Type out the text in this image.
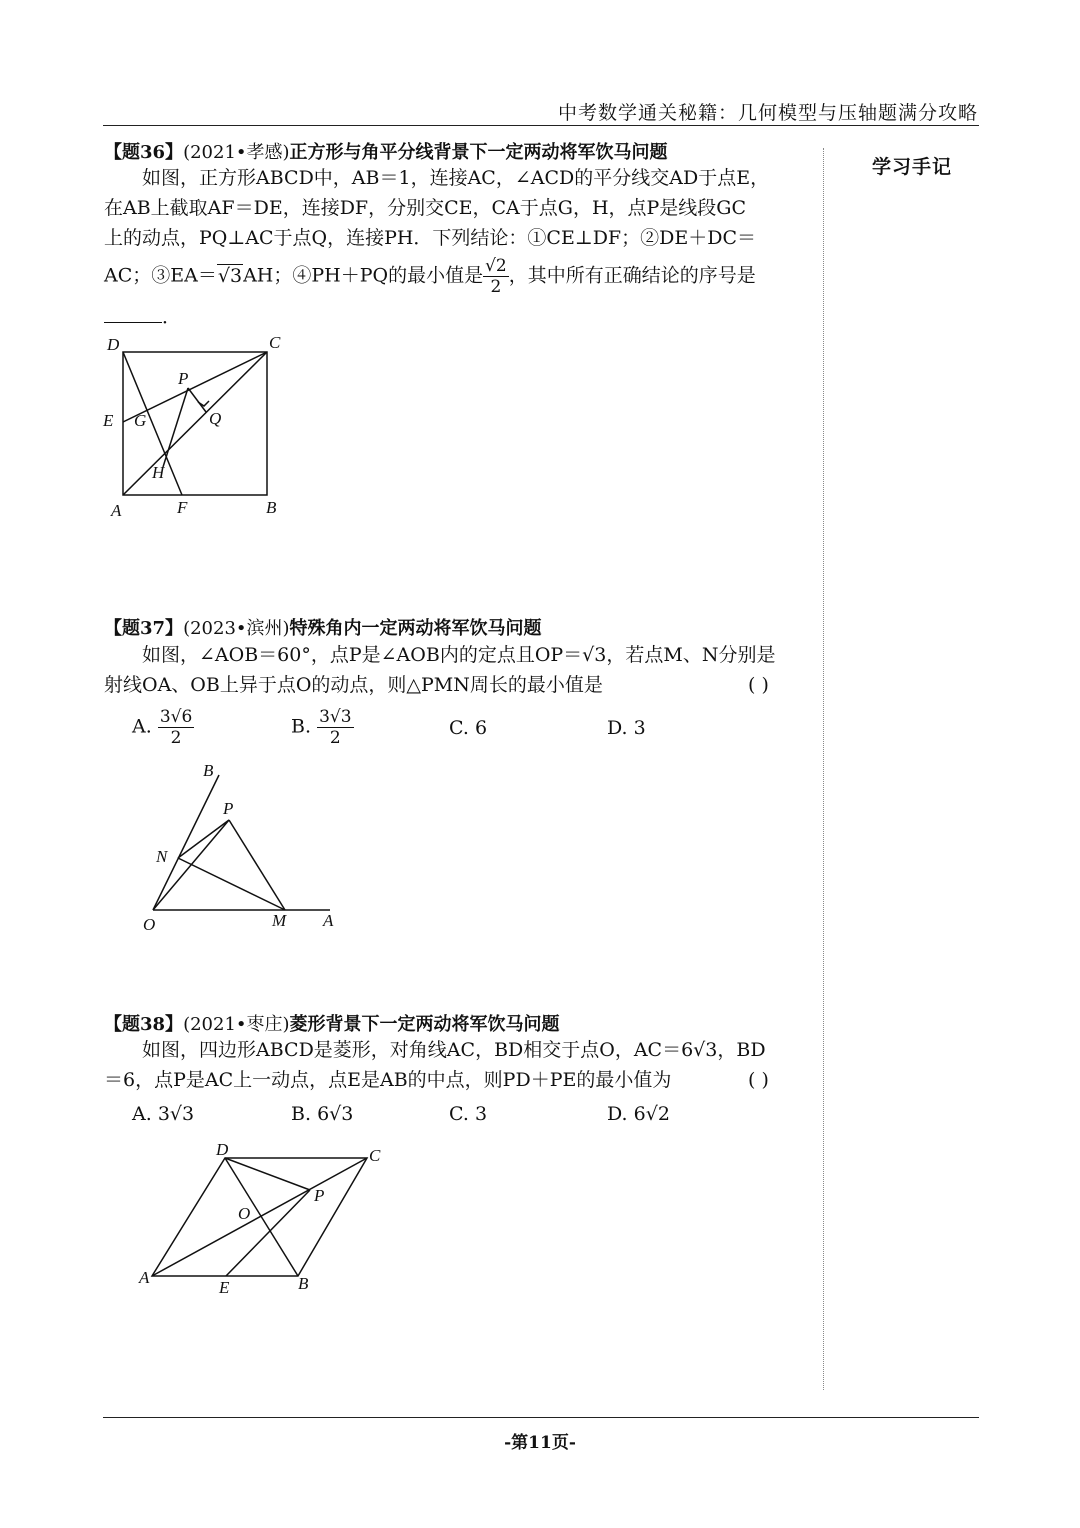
中考数学通关秘籍：几何模型与压轴题满分攻略
学习手记
【题36】(2021•孝感)正方形与角平分线背景下一定两动将军饮马问题
如图，正方形ABCD中，AB＝1，连接AC，∠ACD的平分线交AD于点E，
在AB上截取AF＝DE，连接DF，分别交CE，CA于点G，H，点P是线段GC
上的动点，PQ⊥AC于点Q，连接PH．下列结论：①CE⊥DF；②DE＋DC＝
AC；③EA＝√3AH；④PH＋PQ的最小值是 $\frac{√2}{2}$ ，其中所有正确结论的序号是
．
D	C
P
E G	Q
H
A	F	B
【题37】(2023•滨州)特殊角内一定两动将军饮马问题
如图，∠AOB＝60°，点P是∠AOB内的定点且OP＝√3，若点M、N分别是
射线OA、OB上异于点O的动点，则△PMN周长的最小值是	( )
A. $\frac{3√6}{2}$	B. $\frac{3√3}{2}$	C. 6	D. 3
B
P
N
O	M A
【题38】(2021•枣庄)菱形背景下一定两动将军饮马问题
如图，四边形ABCD是菱形，对角线AC，BD相交于点O，AC＝6√3，BD
＝6，点P是AC上一动点，点E是AB的中点，则PD＋PE的最小值为	( )
A. 3√3	B. 6√3	C. 3	D. 6√2
D	C
P
O
A
E	B
-第11页-
